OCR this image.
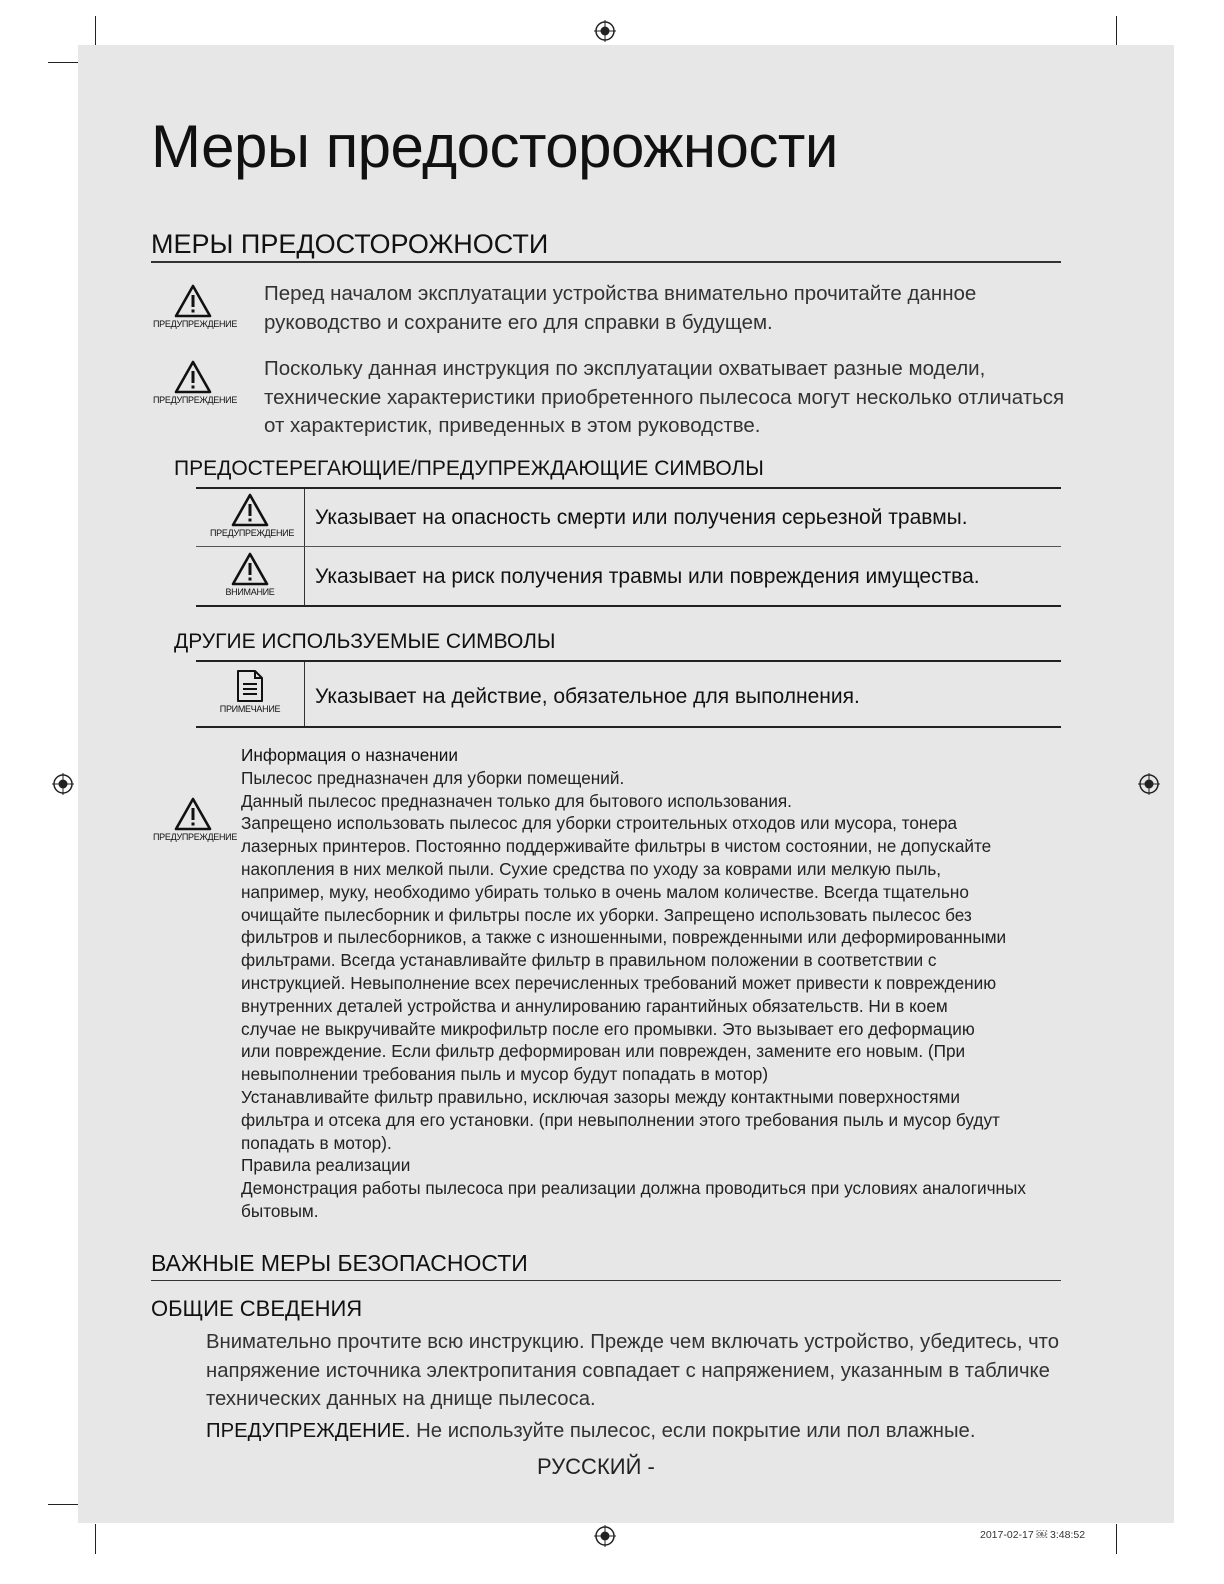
Меры предосторожности
МЕРЫ ПРЕДОСТОРОЖНОСТИ
ПРЕДУПРЕЖДЕНИЕ
Перед началом эксплуатации устройства внимательно прочитайте данное
руководство и сохраните его для справки в будущем.
ПРЕДУПРЕЖДЕНИЕ
Поскольку данная инструкция по эксплуатации охватывает разные модели,
технические характеристики приобретенного пылесоса могут несколько отличаться
от характеристик, приведенных в этом руководстве.
ПРЕДОСТЕРЕГАЮЩИЕ/ПРЕДУПРЕЖДАЮЩИЕ СИМВОЛЫ
ПРЕДУПРЕЖДЕНИЕ
Указывает на опасность смерти или получения серьезной травмы.
ВНИМАНИЕ
Указывает на риск получения травмы или повреждения имущества.
ДРУГИЕ ИСПОЛЬЗУЕМЫЕ СИМВОЛЫ
ПРИМЕЧАНИЕ
Указывает на действие, обязательное для выполнения.
ПРЕДУПРЕЖДЕНИЕ

Информация о назначении

Пылесос предназначен для уборки помещений.

Данный пылесос предназначен только для бытового использования.

Запрещено использовать пылесос для уборки строительных отходов или мусора, тонера

лазерных принтеров. Постоянно поддерживайте фильтры в чистом состоянии, не допускайте

накопления в них мелкой пыли. Сухие средства по уходу за коврами или мелкую пыль,

например, муку, необходимо убирать только в очень малом количестве. Всегда тщательно

очищайте пылесборник и фильтры после их уборки. Запрещено использовать пылесос без

фильтров и пылесборников, а также с изношенными, поврежденными или деформированными

фильтрами. Всегда устанавливайте фильтр в правильном положении в соответствии с

инструкцией. Невыполнение всех перечисленных требований может привести к повреждению

внутренних деталей устройства и аннулированию гарантийных обязательств. Ни в коем

случае не выкручивайте микрофильтр после его промывки. Это вызывает его деформацию

или повреждение. Если фильтр деформирован или поврежден, замените его новым. (При

невыполнении требования пыль и мусор будут попадать в мотор)

Устанавливайте фильтр правильно, исключая зазоры между контактными поверхностями

фильтра и отсека для его установки. (при невыполнении этого требования пыль и мусор будут

попадать в мотор).

Правила реализации

Демонстрация работы пылесоса при реализации должна проводиться при условиях аналогичных

бытовым.

ВАЖНЫЕ МЕРЫ БЕЗОПАСНОСТИ
ОБЩИЕ СВЕДЕНИЯ
Внимательно прочтите всю инструкцию. Прежде чем включать устройство, убедитесь, что
напряжение источника электропитания совпадает с напряжением, указанным в табличке
технических данных на днище пылесоса.
ПРЕДУПРЕЖДЕНИЕ. Не используйте пылесос, если покрытие или пол влажные.
РУССКИЙ -
2017-02-17 ￼ 3:48:52
